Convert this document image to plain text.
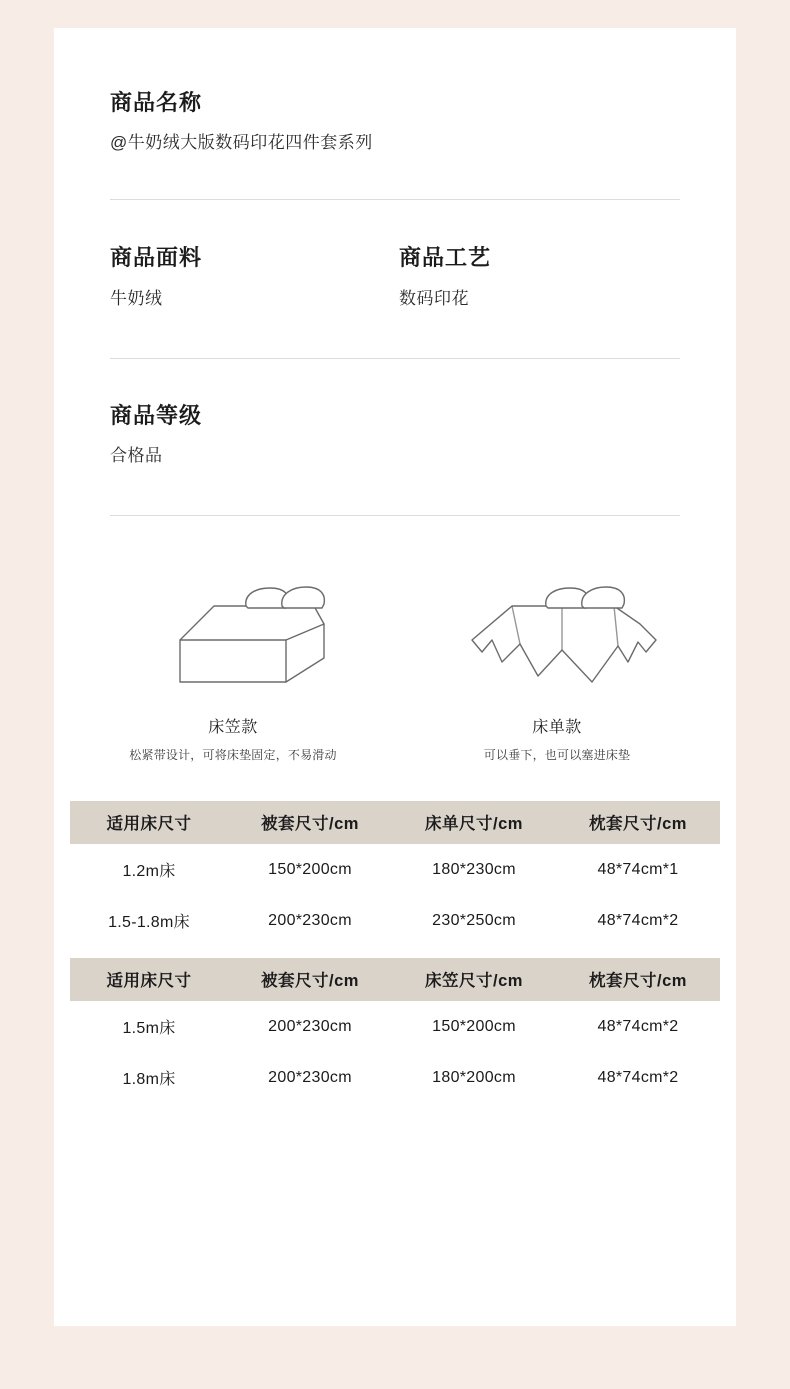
商品名称
@牛奶绒大版数码印花四件套系列
商品面料
牛奶绒
商品工艺
数码印花
商品等级
合格品
床笠款
松紧带设计，可将床垫固定，不易滑动
床单款
可以垂下，也可以塞进床垫
适用床尺寸	被套尺寸/cm	床单尺寸/cm	枕套尺寸/cm
1.2m床	150*200cm	180*230cm	48*74cm*1
1.5-1.8m床	200*230cm	230*250cm	48*74cm*2
适用床尺寸	被套尺寸/cm	床笠尺寸/cm	枕套尺寸/cm
1.5m床	200*230cm	150*200cm	48*74cm*2
1.8m床	200*230cm	180*200cm	48*74cm*2
